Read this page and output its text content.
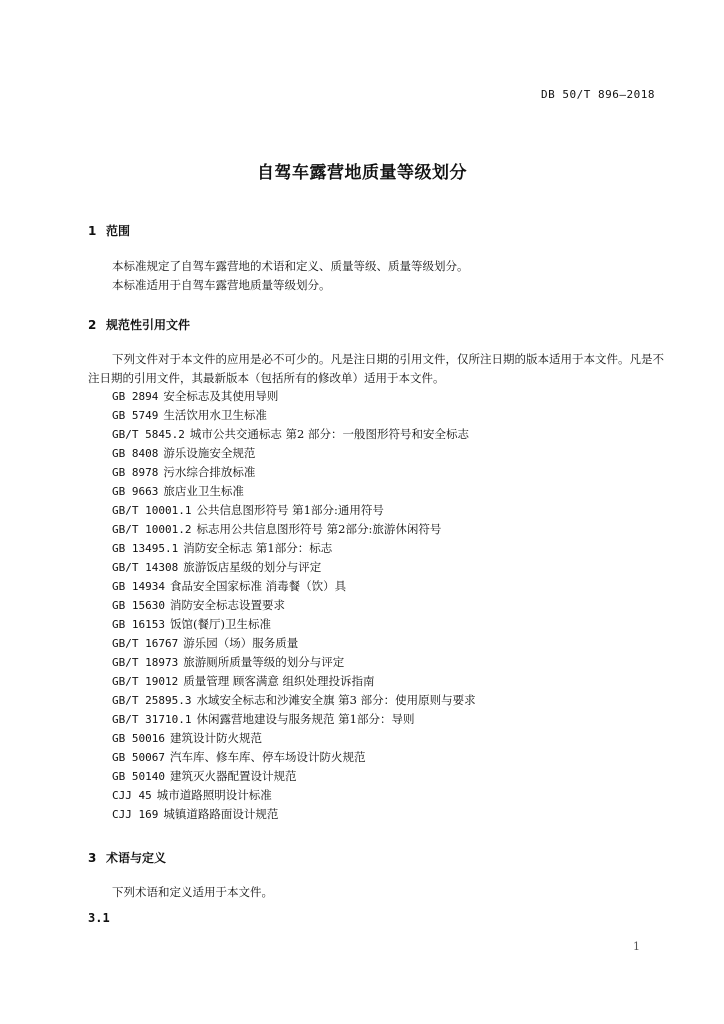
DB 50/T 896—2018
自驾车露营地质量等级划分
1 范围
本标准规定了自驾车露营地的术语和定义、质量等级、质量等级划分。
本标准适用于自驾车露营地质量等级划分。
2 规范性引用文件
下列文件对于本文件的应用是必不可少的。凡是注日期的引用文件，仅所注日期的版本适用于本文件。凡是不注日期的引用文件，其最新版本（包括所有的修改单）适用于本文件。
GB 2894 安全标志及其使用导则
GB 5749 生活饮用水卫生标准
GB/T 5845.2 城市公共交通标志 第2 部分：一般图形符号和安全标志
GB 8408 游乐设施安全规范
GB 8978 污水综合排放标准
GB 9663 旅店业卫生标准
GB/T 10001.1 公共信息图形符号 第1部分:通用符号
GB/T 10001.2 标志用公共信息图形符号 第2部分:旅游休闲符号
GB 13495.1 消防安全标志 第1部分：标志
GB/T 14308 旅游饭店星级的划分与评定
GB 14934 食品安全国家标准 消毒餐（饮）具
GB 15630 消防安全标志设置要求
GB 16153 饭馆(餐厅)卫生标准
GB/T 16767 游乐园（场）服务质量
GB/T 18973 旅游厕所质量等级的划分与评定
GB/T 19012 质量管理 顾客满意 组织处理投诉指南
GB/T 25895.3 水域安全标志和沙滩安全旗 第3 部分：使用原则与要求
GB/T 31710.1 休闲露营地建设与服务规范 第1部分：导则
GB 50016 建筑设计防火规范
GB 50067 汽车库、修车库、停车场设计防火规范
GB 50140 建筑灭火器配置设计规范
CJJ 45 城市道路照明设计标准
CJJ 169 城镇道路路面设计规范
3 术语与定义
下列术语和定义适用于本文件。
3.1
1
